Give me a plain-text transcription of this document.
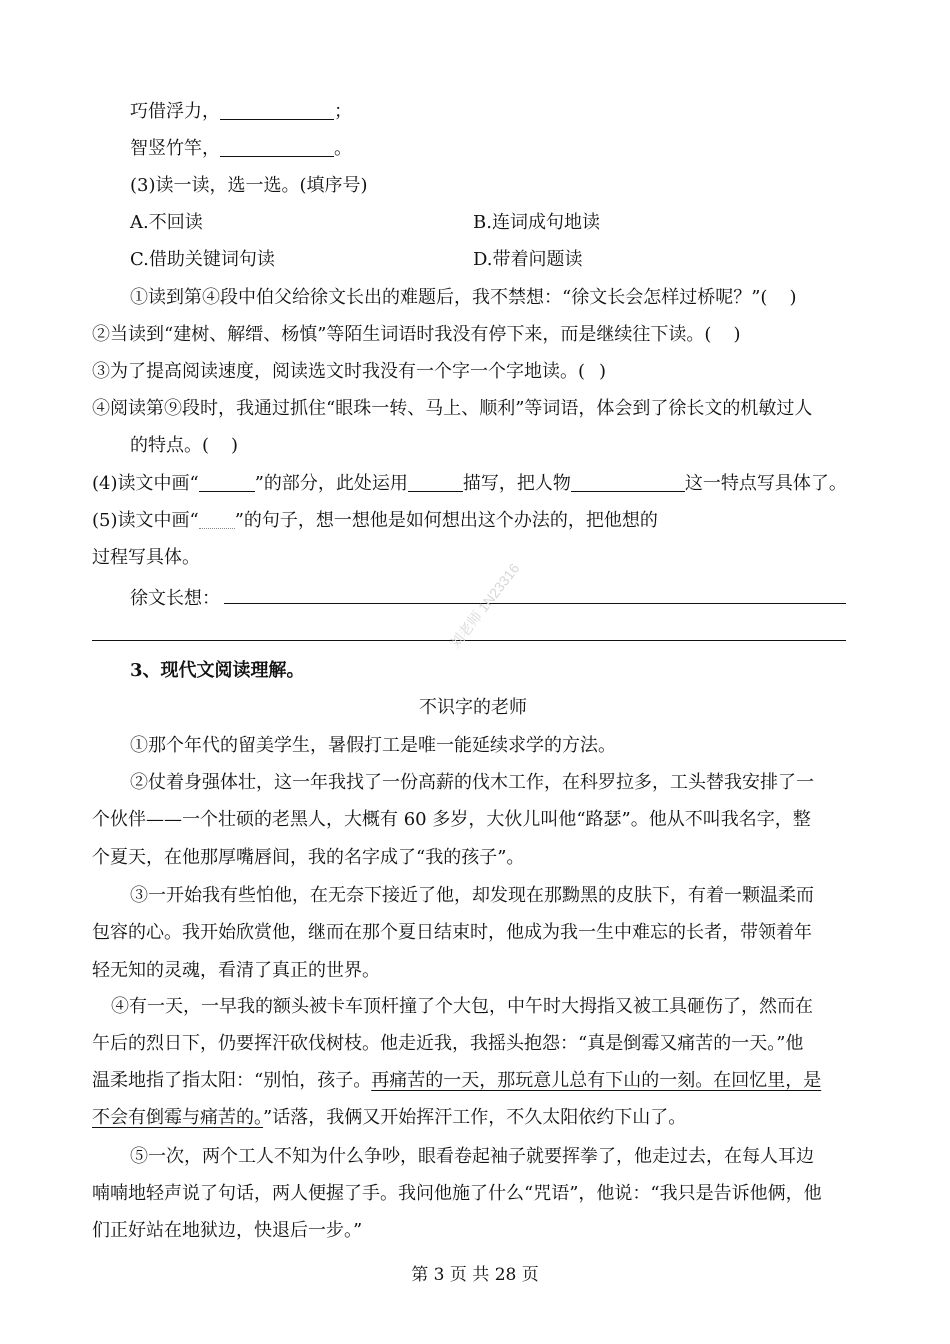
巧借浮力，	；
智竖竹竿，	。
(3)读一读，选一选。(填序号)
A.不回读	B.连词成句地读
C.借助关键词句读	D.带着问题读
①读到第④段中伯父给徐文长出的难题后，我不禁想：“徐文长会怎样过桥呢？”( )
②当读到“建树、解缙、杨慎”等陌生词语时我没有停下来，而是继续往下读。( )
③为了提高阅读速度，阅读选文时我没有一个字一个字地读。( )
④阅读第⑨段时，我通过抓住“眼珠一转、马上、顺利”等词语，体会到了徐长文的机敏过人
的特点。( )
(4)读文中画“	”的部分，此处运用	描写，把人物	这一特点写具体了。
(5)读文中画“ ”的句子，想一想他是如何想出这个办法的，把他想的
过程写具体。
徐文长想：	刘老师 1N23316
3、现代文阅读理解。
不识字的老师
①那个年代的留美学生，暑假打工是唯一能延续求学的方法。
②仗着身强体壮，这一年我找了一份高薪的伐木工作，在科罗拉多，工头替我安排了一
个伙伴——一个壮硕的老黑人，大概有 60 多岁，大伙儿叫他“路瑟”。他从不叫我名字，整
个夏天，在他那厚嘴唇间，我的名字成了“我的孩子”。
③一开始我有些怕他，在无奈下接近了他，却发现在那黝黑的皮肤下，有着一颗温柔而
包容的心。我开始欣赏他，继而在那个夏日结束时，他成为我一生中难忘的长者，带领着年
轻无知的灵魂，看清了真正的世界。
④有一天，一早我的额头被卡车顶杆撞了个大包，中午时大拇指又被工具砸伤了，然而在
午后的烈日下，仍要挥汗砍伐树枝。他走近我，我摇头抱怨：“真是倒霉又痛苦的一天。”他
温柔地指了指太阳：“别怕，孩子。再痛苦的一天，那玩意儿总有下山的一刻。在回忆里，是
不会有倒霉与痛苦的。”话落，我俩又开始挥汗工作，不久太阳依约下山了。
⑤一次，两个工人不知为什么争吵，眼看卷起袖子就要挥拳了，他走过去，在每人耳边
喃喃地轻声说了句话，两人便握了手。我问他施了什么“咒语”，他说：“我只是告诉他俩，他
们正好站在地狱边，快退后一步。”
第 3 页 共 28 页
